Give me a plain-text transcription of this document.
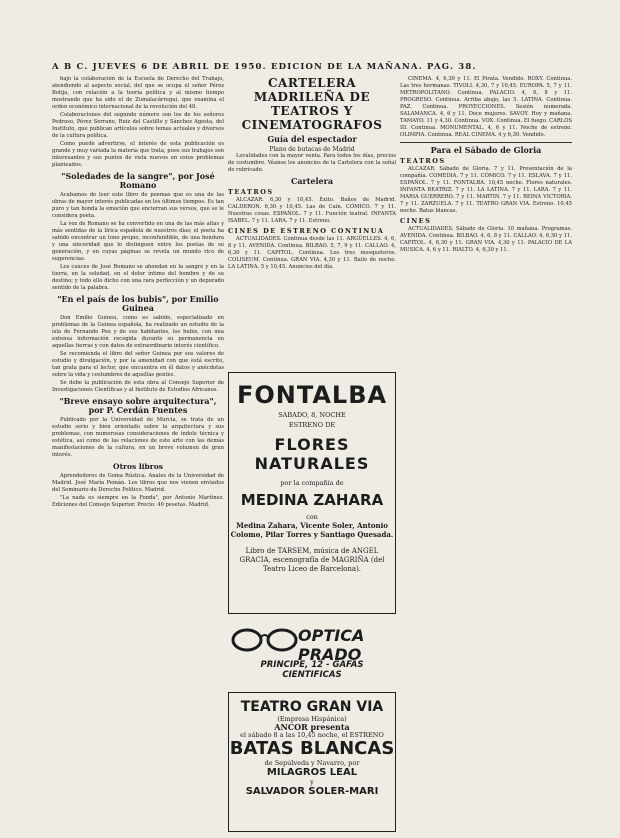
A B C. JUEVES 6 DE ABRIL DE 1950. EDICION DE LA MAÑANA. PAG. 38.

bajo la colaboración de la Escuela de Derecho del Trabajo, atendiendo al aspecto social, del que se ocupa el señor Pérez Botija, con relación a la teoría política y al mismo tiempo mostrando que ha sido el de Zumalacárregui, que examina el orden económico internacional de la revolución del 48.

Colaboraciones del segundo número son los de los señores Pedroso, Pérez Serrano, Ruiz del Castillo y Sánchez Agesta, del Instituto, que publican artículos sobre temas actuales y diversos de la cultura política.

Como puede advertirse, el interés de esta publicación es grande y muy variada la materia que trata, pues sus trabajos son interesantes y sus puntos de vista nuevos en estos problemas planteados.

"Soledades de la sangre", por José Romano

Acabamos de leer este libro de poemas que es una de las obras de mayor interés publicadas en los últimos tiempos. Es tan puro y tan honda la emoción que encierran sus versos, que se le considera poeta.

La voz de Romano se ha convertido en una de las más altas y más sentidas de la lírica española de nuestros días; el poeta ha sabido encontrar un tono propio, inconfundible, de una hondura y una sinceridad que lo distinguen entre los poetas de su generación, y en cuyas páginas se revela un mundo rico de sugerencias.

Los cauces de José Romano se ahondan en la sangre y en la tierra, en la soledad, en el dolor íntimo del hombre y de su destino; y todo ello dicho con una rara perfección y un depurado sentido de la palabra.

"En el país de los bubis", por Emilio Guinea

Don Emilio Guinea, como es sabido, especializado en problemas de la Guinea española, ha realizado un estudio de la isla de Fernando Poo y de sus habitantes, los bubis, con una extensa información recogida durante su permanencia en aquellas tierras y con datos de extraordinario interés científico.

Se recomienda el libro del señor Guinea por sus valores de estudio y divulgación, y por la amenidad con que está escrito, tan grata para el lector, que encuentra en él datos y anécdotas sobre la vida y costumbres de aquellas gentes.

Se debe la publicación de esta obra al Consejo Superior de Investigaciones Científicas y al Instituto de Estudios Africanos.

"Breve ensayo sobre arquitectura", por P. Cerdán Fuentes

Publicado por la Universidad de Murcia, se trata de un estudio serio y bien orientado sobre la arquitectura y sus problemas, con numerosas consideraciones de índole técnica y estética, así como de las relaciones de este arte con las demás manifestaciones de la cultura, en un breve volumen de gran interés.

Otros libros

Aprendedores de Goma Rústica. Anales de la Universidad de Madrid. José María Pemán. Los libros que nos vienen enviados del Seminario de Derecho Político. Madrid.

"La nada es siempre en la Fonda", por Antonio Martínez. Ediciones del Consejo Superior. Precio: 40 pesetas. Madrid.

CARTELERA MADRILEÑA DE TEATROS Y CINEMATOGRAFOS
Guía del espectador
Plano de butacas de Madrid

Localidades con la mayor venta. Para todos los días, precios de costumbre. Véanse los anuncios de la Cartelera con la señal de rubricado.

Cartelera
TEATROS

ALCAZAR. 6,30 y 10,45. Éxito. Baños de Madrid. CALDERON. 6,30 y 10,45. Las de Caín. CÓMICO. 7 y 11. Nuestras cosas. ESPAÑOL. 7 y 11. Función teatral. INFANTA ISABEL. 7 y 11. LARA. 7 y 11. Estreno.

CINES DE ESTRENO CONTINUA

ACTUALIDADES. Continua desde las 11. ARGÜELLES. 4, 6, 8 y 11. AVENIDA. Continua. BILBAO. 5, 7, 9 y 11. CALLAO. 4, 6,30 y 11. CAPITOL. Continua. Los tres mosqueteros. COLISEUM. Continua. GRAN VIA. 4,30 y 11. Baile de noche. LA LATINA. 5 y 10,45. Anuncios del día.

FONTALBA
SABADO, 8, NOCHE
ESTRENO DE
FLORES NATURALES
por la compañía de
MEDINA ZAHARA
con
Medina Zahara, Vicente Soler, Antonio Colomo, Pilar Torres y Santiago Quesada.
Libro de TARSEM, música de ANGEL GRACIA, escenografía de MAGRIÑA (del Teatro Liceo de Barcelona).
OPTICA PRADO
PRINCIPE, 12 - GAFAS CIENTIFICAS
TEATRO GRAN VIA
(Empresa Hispánica)
ANCOR presenta
el sábado 8 a las 10,45 noche, el ESTRENO
BATAS BLANCAS
de Sepúlveda y Navarro, por
MILAGROS LEAL
y
SALVADOR SOLER-MARI

CINEMA. 4, 6,30 y 11. El Pirata. Vendido. ROXY. Continua. Las tres hermanas. TIVOLI. 4,30, 7 y 10,45. EUROPA. 5, 7 y 11. METROPOLITANO. Continua. PALACIO. 4, 6, 8 y 11. PROGRESO. Continua. Arriba abajo, las 5. LATINA. Continua. PAZ. Continua. PROYECCIONES. Sesión numerada. SALAMANCA. 4, 6 y 11. Doce mujeres. SAVOY. Hoy y mañana. TAMAYO. 11 y 4,30. Continua. VOX. Continua. El fuego. CARLOS III. Continua. MONUMENTAL. 4, 6 y 11. Noche de estreno. OLIMPIA. Continua. REAL CINEMA. 4 y 6,30. Vendido.

Para el Sábado de Gloria
TEATROS

ALCAZAR. Sábado de Gloria. 7 y 11. Presentación de la compañía. COMEDIA. 7 y 11. CÓMICO. 7 y 11. ESLAVA. 7 y 11. ESPAÑOL. 7 y 11. FONTALBA. 10,45 noche. Flores naturales. INFANTA BEATRIZ. 7 y 11. LA LATINA. 7 y 11. LARA. 7 y 11. MARIA GUERRERO. 7 y 11. MARTIN. 7 y 11. REINA VICTORIA. 7 y 11. ZARZUELA. 7 y 11. TEATRO GRAN VIA. Estreno. 10,45 noche. Batas blancas.

CINES

ACTUALIDADES. Sábado de Gloria. 10 mañana. Programas. AVENIDA. Continua. BILBAO. 4, 6, 8 y 11. CALLAO. 4, 6,30 y 11. CAPITOL. 4, 6,30 y 11. GRAN VIA. 4,30 y 11. PALACIO DE LA MUSICA. 4, 6 y 11. RIALTO. 4, 6,30 y 11.
